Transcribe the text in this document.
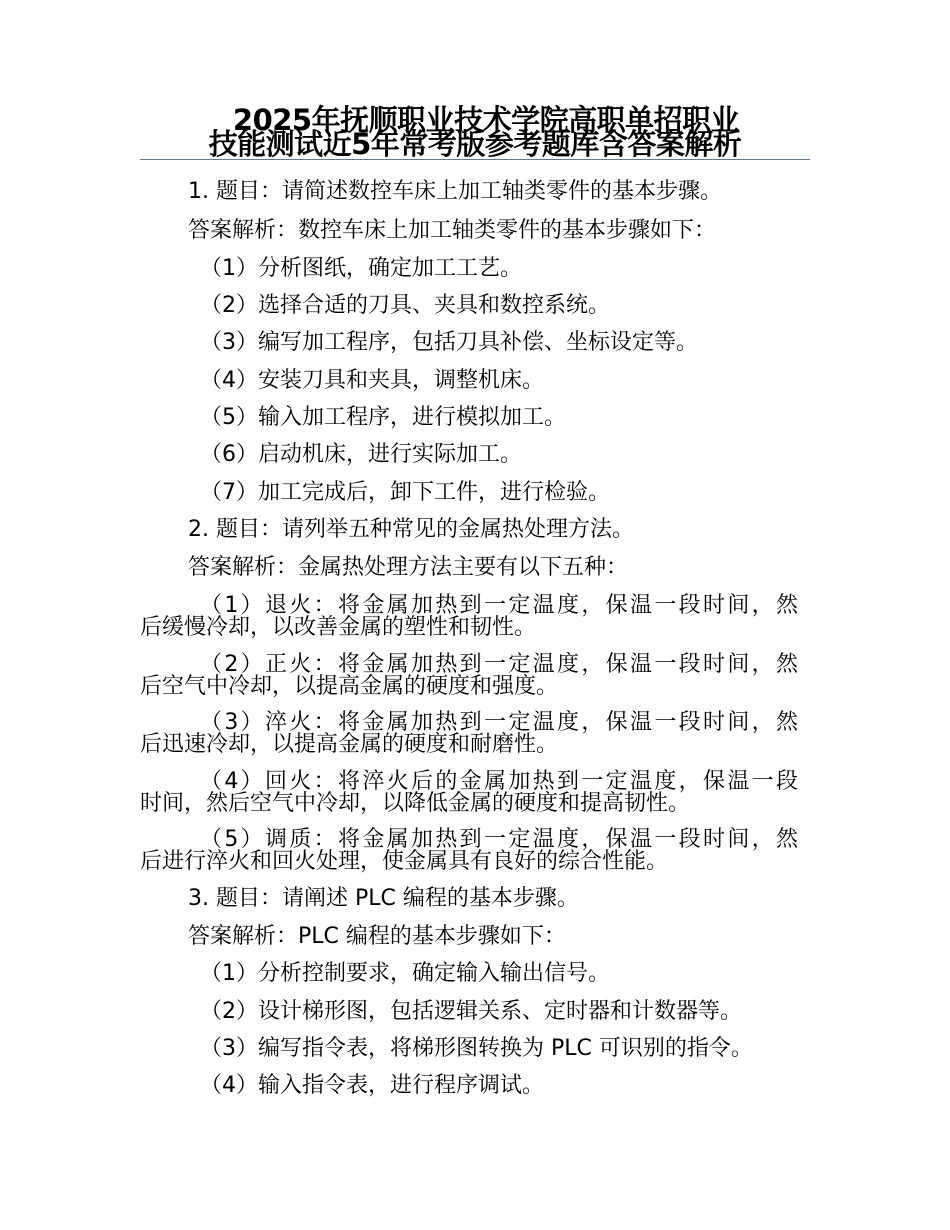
2025年抚顺职业技术学院高职单招职业
技能测试近5年常考版参考题库含答案解析
1. 题目：请简述数控车床上加工轴类零件的基本步骤。
答案解析：数控车床上加工轴类零件的基本步骤如下：
（1）分析图纸，确定加工工艺。
（2）选择合适的刀具、夹具和数控系统。
（3）编写加工程序，包括刀具补偿、坐标设定等。
（4）安装刀具和夹具，调整机床。
（5）输入加工程序，进行模拟加工。
（6）启动机床，进行实际加工。
（7）加工完成后，卸下工件，进行检验。
2. 题目：请列举五种常见的金属热处理方法。
答案解析：金属热处理方法主要有以下五种：
（1）退火：将金属加热到一定温度，保温一段时间，然
后缓慢冷却，以改善金属的塑性和韧性。
（2）正火：将金属加热到一定温度，保温一段时间，然
后空气中冷却，以提高金属的硬度和强度。
（3）淬火：将金属加热到一定温度，保温一段时间，然
后迅速冷却，以提高金属的硬度和耐磨性。
（4）回火：将淬火后的金属加热到一定温度，保温一段
时间，然后空气中冷却，以降低金属的硬度和提高韧性。
（5）调质：将金属加热到一定温度，保温一段时间，然
后进行淬火和回火处理，使金属具有良好的综合性能。
3. 题目：请阐述 PLC 编程的基本步骤。
答案解析：PLC 编程的基本步骤如下：
（1）分析控制要求，确定输入输出信号。
（2）设计梯形图，包括逻辑关系、定时器和计数器等。
（3）编写指令表，将梯形图转换为 PLC 可识别的指令。
（4）输入指令表，进行程序调试。
